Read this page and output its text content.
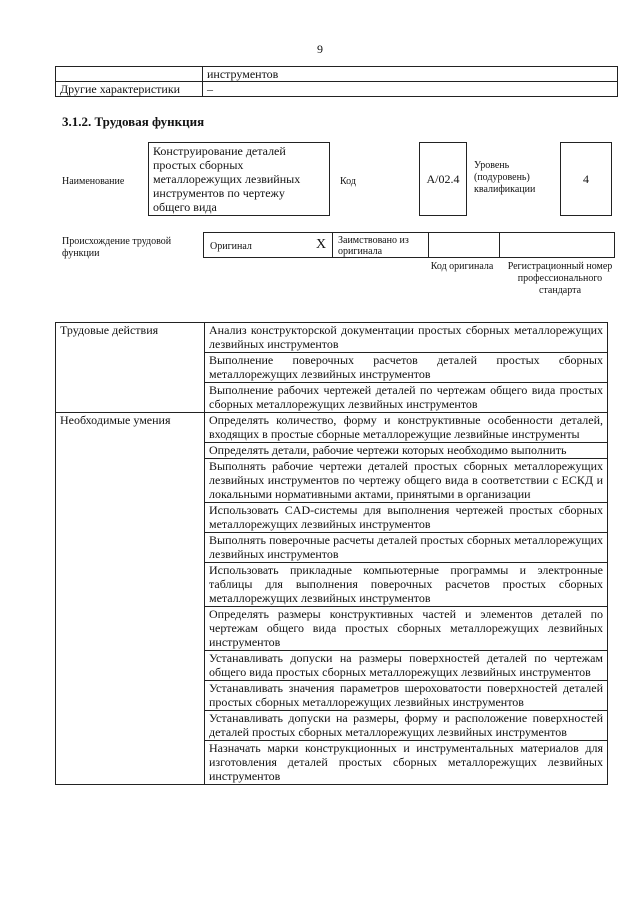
9
	инструментов
Другие характеристики	–
3.1.2. Трудовая функция
Наименование
Конструирование деталей простых сборных металлорежущих лезвийных инструментов по чертежу общего вида
Код	A/02.4
Уровень (подуровень) квалификации
4
Происхождение трудовой функции
Оригинал	X Заимствовано из оригинала
Код оригинала Регистрационный номер профессионального стандарта
Трудовые действия	Анализ конструкторской документации простых сборных металлорежущих лезвийных инструментов
	Выполнение поверочных расчетов деталей простых сборных металлорежущих лезвийных инструментов
	Выполнение рабочих чертежей деталей по чертежам общего вида простых сборных металлорежущих лезвийных инструментов
Необходимые умения	Определять количество, форму и конструктивные особенности деталей, входящих в простые сборные металлорежущие лезвийные инструменты
	Определять детали, рабочие чертежи которых необходимо выполнить
	Выполнять рабочие чертежи деталей простых сборных металлорежущих лезвийных инструментов по чертежу общего вида в соответствии с ЕСКД и локальными нормативными актами, принятыми в организации
	Использовать CAD-системы для выполнения чертежей простых сборных металлорежущих лезвийных инструментов
	Выполнять поверочные расчеты деталей простых сборных металлорежущих лезвийных инструментов
	Использовать прикладные компьютерные программы и электронные таблицы для выполнения поверочных расчетов простых сборных металлорежущих лезвийных инструментов
	Определять размеры конструктивных частей и элементов деталей по чертежам общего вида простых сборных металлорежущих лезвийных инструментов
	Устанавливать допуски на размеры поверхностей деталей по чертежам общего вида простых сборных металлорежущих лезвийных инструментов
	Устанавливать значения параметров шероховатости поверхностей деталей простых сборных металлорежущих лезвийных инструментов
	Устанавливать допуски на размеры, форму и расположение поверхностей деталей простых сборных металлорежущих лезвийных инструментов
	Назначать марки конструкционных и инструментальных материалов для изготовления деталей простых сборных металлорежущих лезвийных инструментов
